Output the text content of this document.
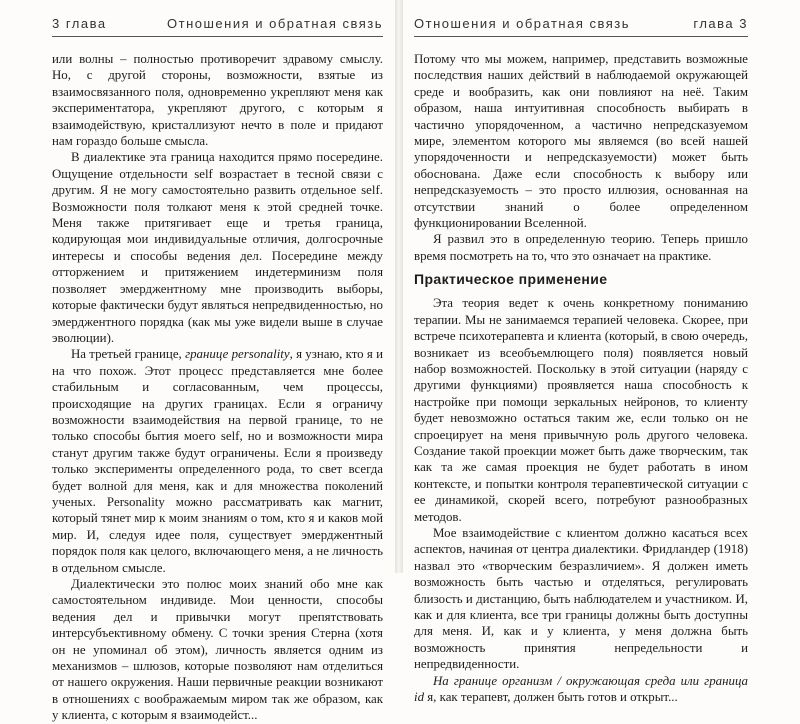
3 глава	Отношения и обратная связь

или волны – полностью противоречит здравому смыслу. Но, с другой стороны, возможности, взятые из взаимосвязанного поля, одновременно укрепляют меня как экспериментатора, укрепляют другого, с которым я взаимодействую, кристаллизуют нечто в поле и придают нам гораздо больше смысла.

В диалектике эта граница находится прямо посередине. Ощущение отдельности self возрастает в тесной связи с другим. Я не могу самостоятельно развить отдельное self. Возможности поля толкают меня к этой средней точке. Меня также притягивает еще и третья граница, кодирующая мои индивидуальные отличия, долгосрочные интересы и способы ведения дел. Посередине между отторжением и притяжением индетерминизм поля позволяет эмерджентному мне производить выборы, которые фактически будут являться непредвиденностью, но эмерджентного порядка (как мы уже видели выше в случае эволюции).

На третьей границе, границе personality, я узнаю, кто я и на что похож. Этот процесс представляется мне более стабильным и согласованным, чем процессы, происходящие на других границах. Если я ограничу возможности взаимодействия на первой границе, то не только способы бытия моего self, но и возможности мира станут другим также будут ограничены. Если я произведу только эксперименты определенного рода, то свет всегда будет волной для меня, как и для множества поколений ученых. Personality можно рассматривать как магнит, который тянет мир к моим знаниям о том, кто я и каков мой мир. И, следуя идее поля, существует эмерджентный порядок поля как целого, включающего меня, а не личность в отдельном смысле.

Диалектически это полюс моих знаний обо мне как самостоятельном индивиде. Мои ценности, способы ведения дел и привычки могут препятствовать интерсубъективному обмену. С точки зрения Стерна (хотя он не упоминал об этом), личность является одним из механизмов – шлюзов, которые позволяют нам отделиться от нашего окружения. Наши первичные реакции возникают в отношениях с воображаемым миром так же образом, как у клиента, с которым я взаимодейст...

Отношения и обратная связь	глава 3

Потому что мы можем, например, представить возможные последствия наших действий в наблюдаемой окружающей среде и вообразить, как они повлияют на неё. Таким образом, наша интуитивная способность выбирать в частично упорядоченном, а частично непредсказуемом мире, элементом которого мы являемся (во всей нашей упорядоченности и непредсказуемости) может быть обоснована. Даже если способность к выбору или непредсказуемость – это просто иллюзия, основанная на отсутствии знаний о более определенном функционировании Вселенной.

Я развил это в определенную теорию. Теперь пришло время посмотреть на то, что это означает на практике.

Практическое применение

Эта теория ведет к очень конкретному пониманию терапии. Мы не занимаемся терапией человека. Скорее, при встрече психотерапевта и клиента (который, в свою очередь, возникает из всеобъемлющего поля) появляется новый набор возможностей. Поскольку в этой ситуации (наряду с другими функциями) проявляется наша способность к настройке при помощи зеркальных нейронов, то клиенту будет невозможно остаться таким же, если только он не спроецирует на меня привычную роль другого человека. Создание такой проекции может быть даже творческим, так как та же самая проекция не будет работать в ином контексте, и попытки контроля терапевтической ситуации с ее динамикой, скорей всего, потребуют разнообразных методов.

Мое взаимодействие с клиентом должно касаться всех аспектов, начиная от центра диалектики. Фридландер (1918) назвал это «творческим безразличием». Я должен иметь возможность быть частью и отделяться, регулировать близость и дистанцию, быть наблюдателем и участником. И, как и для клиента, все три границы должны быть доступны для меня. И, как и у клиента, у меня должна быть возможность принятия непредельности и непредвиденности.

На границе организм / окружающая среда или граница id я, как терапевт, должен быть готов и открыт...
